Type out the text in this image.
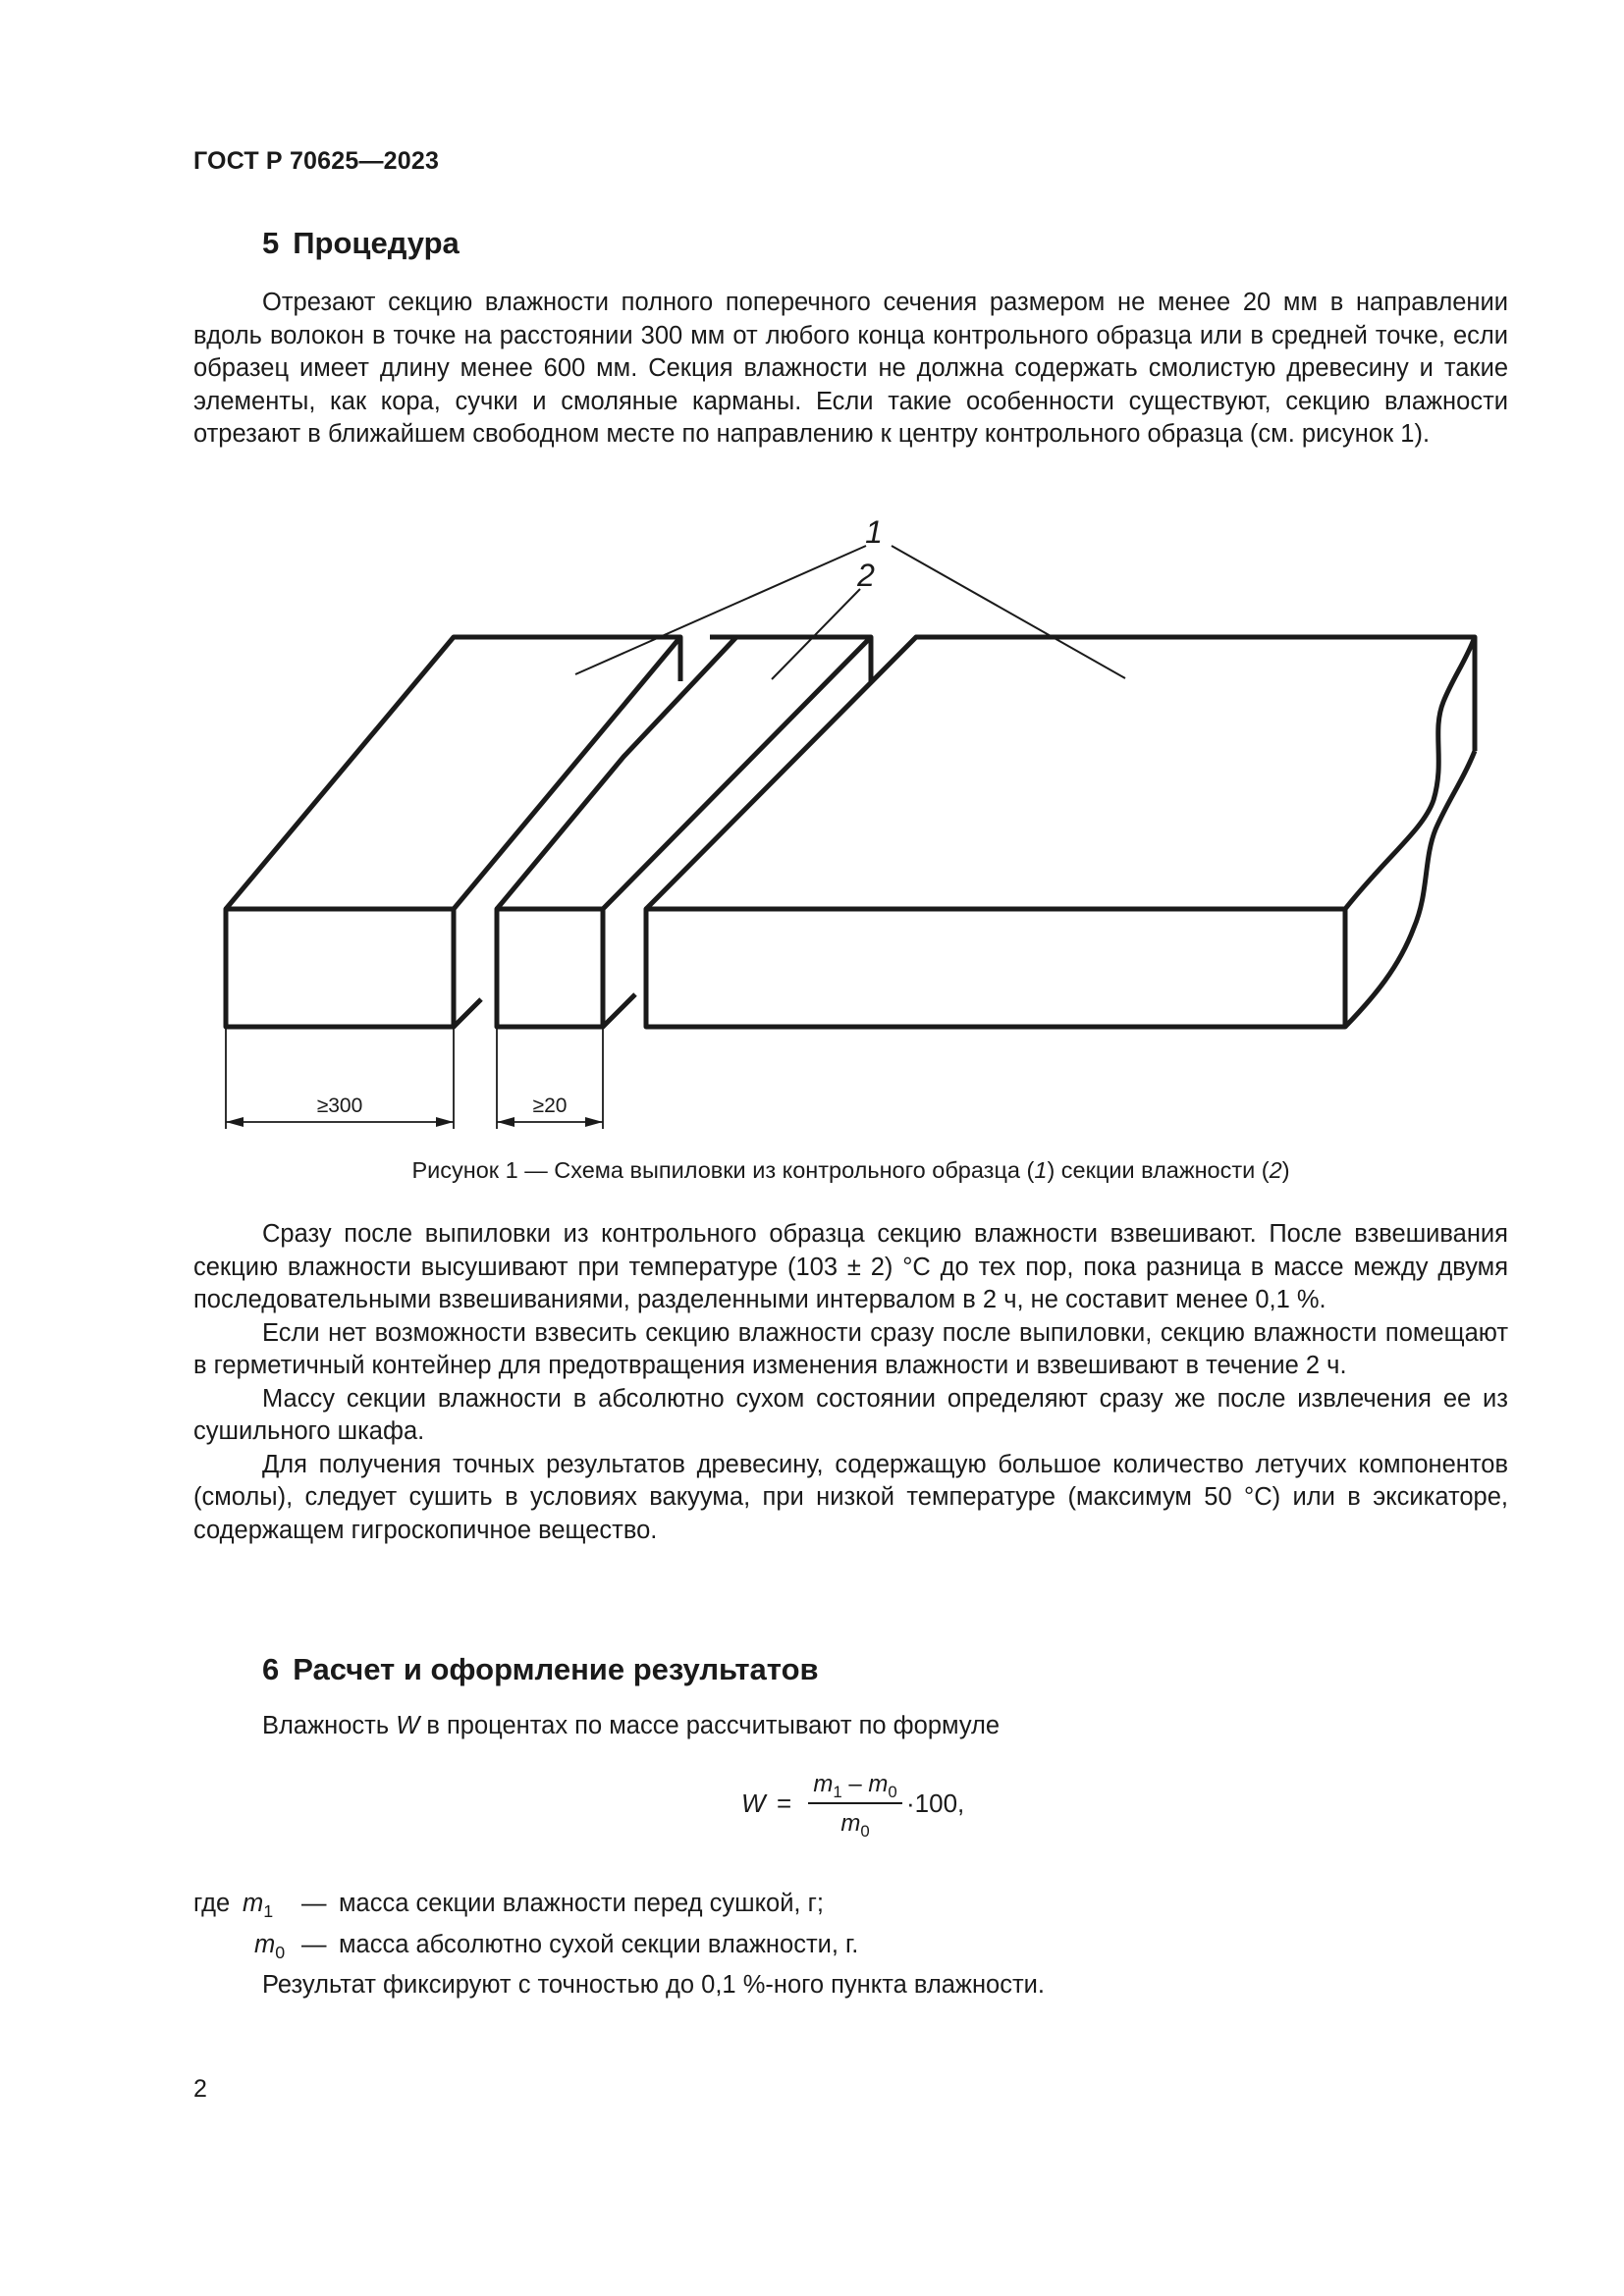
ГОСТ Р 70625—2023
5 Процедура

Отрезают секцию влажности полного поперечного сечения размером не менее 20 мм в направлении вдоль волокон в точке на расстоянии 300 мм от любого конца контрольного образца или в средней точке, если образец имеет длину менее 600 мм. Секция влажности не должна содержать смолистую древесину и такие элементы, как кора, сучки и смоляные карманы. Если такие особенности существуют, секцию влажности отрезают в ближайшем свободном месте по направлению к центру контрольного образца (см. рисунок 1).

1
2
≥300	≥20
Рисунок 1 — Схема выпиловки из контрольного образца (1) секции влажности (2)

Сразу после выпиловки из контрольного образца секцию влажности взвешивают. После взвешивания секцию влажности высушивают при температуре (103 ± 2) °С до тех пор, пока разница в массе между двумя последовательными взвешиваниями, разделенными интервалом в 2 ч, не составит менее 0,1 %.

Если нет возможности взвесить секцию влажности сразу после выпиловки, секцию влажности помещают в герметичный контейнер для предотвращения изменения влажности и взвешивают в течение 2 ч.

Массу секции влажности в абсолютно сухом состоянии определяют сразу же после извлечения ее из сушильного шкафа.

Для получения точных результатов древесину, содержащую большое количество летучих компонентов (смолы), следует сушить в условиях вакуума, при низкой температуре (максимум 50 °С) или в эксикаторе, содержащем гигроскопичное вещество.

6 Расчет и оформление результатов
Влажность W в процентах по массе рассчитывают по формуле
W =
$m_1 - m_0$
$m_0$
·100,
где $m_1$ — масса секции влажности перед сушкой, г;
$m_0$ — масса абсолютно сухой секции влажности, г.
Результат фиксируют с точностью до 0,1 %-ного пункта влажности.
2
